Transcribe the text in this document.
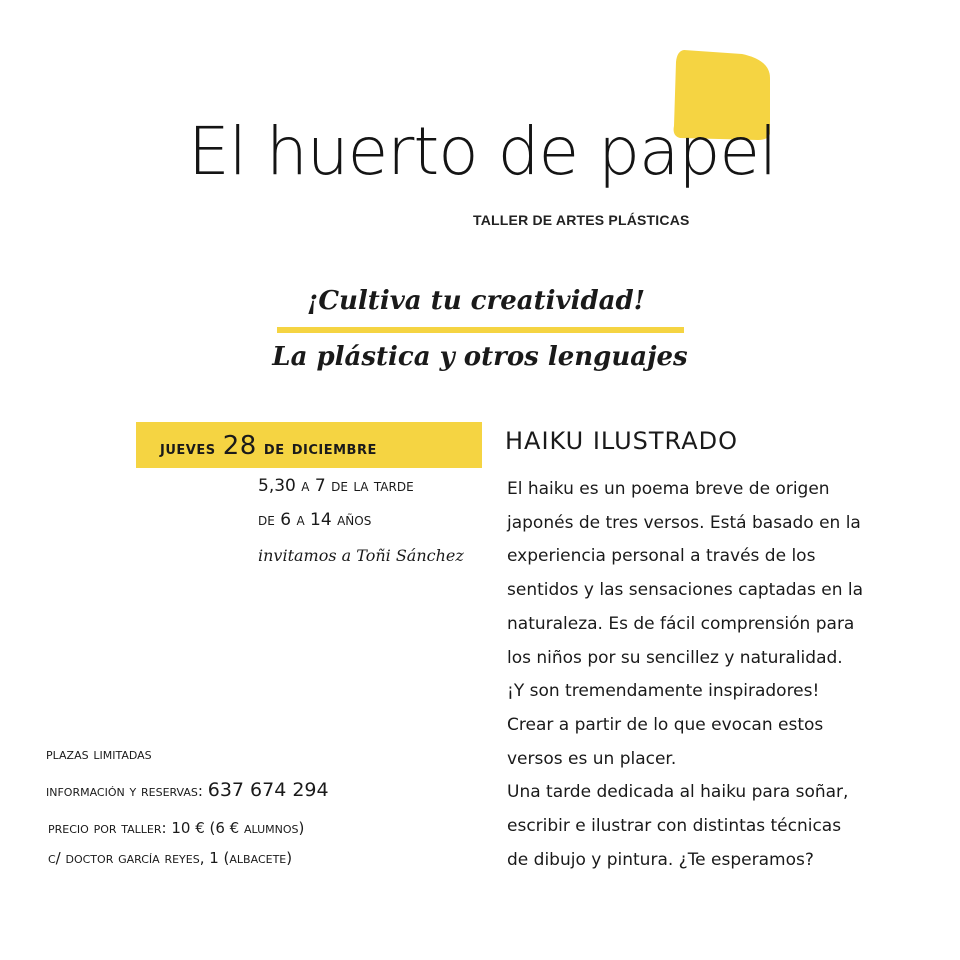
El huerto de papel
TALLER DE ARTES PLÁSTICAS
¡Cultiva tu creatividad!
La plástica y otros lenguajes
jueves 28 de diciembre
5,30 a 7 de la tarde
de 6 a 14 años
invitamos a Toñi Sánchez
HAIKU ILUSTRADO
El haiku es un poema breve de origen
japonés de tres versos. Está basado en la
experiencia personal a través de los
sentidos y las sensaciones captadas en la
naturaleza. Es de fácil comprensión para
los niños por su sencillez y naturalidad.
¡Y son tremendamente inspiradores!
Crear a partir de lo que evocan estos
versos es un placer.
Una tarde dedicada al haiku para soñar,
escribir e ilustrar con distintas técnicas
de dibujo y pintura. ¿Te esperamos?
plazas limitadas
información y reservas: 637 674 294
precio por taller: 10 € (6 € alumnos)
c/ doctor garcía reyes, 1 (albacete)
